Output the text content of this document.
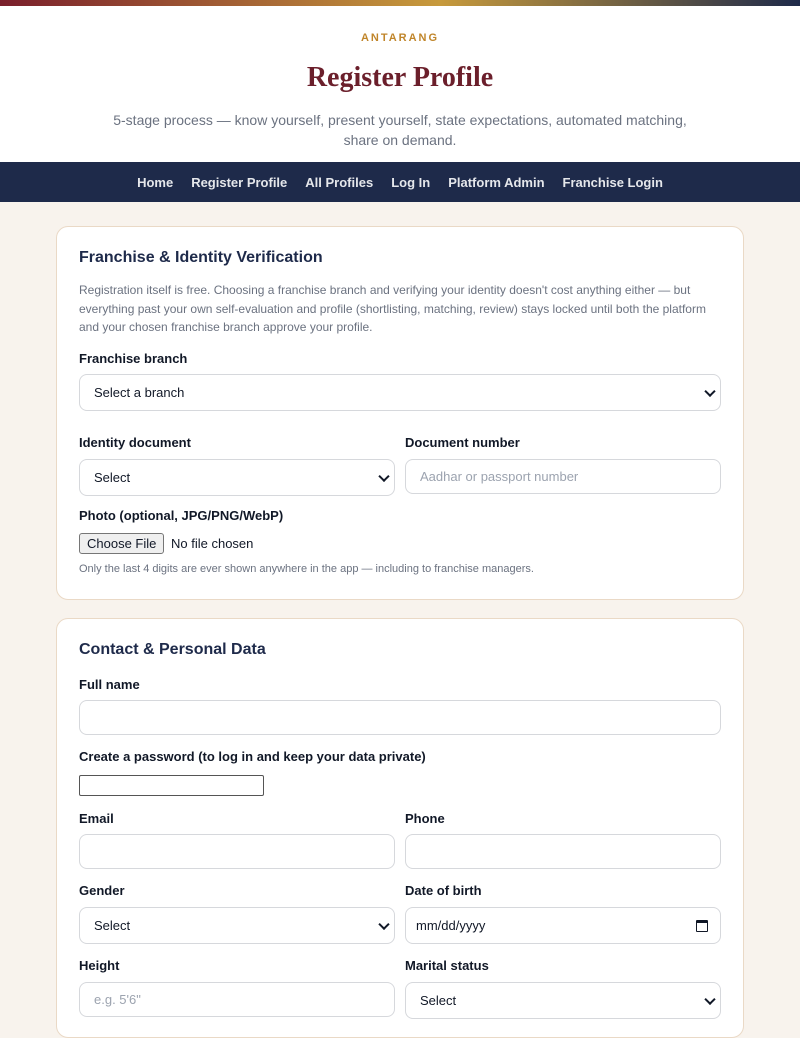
ANTARANG
Register Profile
5-stage process — know yourself, present yourself, state expectations, automated matching, share on demand.
Home Register Profile All Profiles Log In Platform Admin Franchise Login
Franchise & Identity Verification
Registration itself is free. Choosing a franchise branch and verifying your identity doesn't cost anything either — but everything past your own self-evaluation and profile (shortlisting, matching, review) stays locked until both the platform and your chosen franchise branch approve your profile.
Franchise branch
Select a branch
Identity document
Select
Document number
Aadhar or passport number
Photo (optional, JPG/PNG/WebP)
Choose File	No file chosen
Only the last 4 digits are ever shown anywhere in the app — including to franchise managers.
Contact & Personal Data
Full name
Create a password (to log in and keep your data private)
Email	Phone
Gender
Select
Date of birth
mm/dd/yyyy
Height
e.g. 5'6"
Marital status
Select
